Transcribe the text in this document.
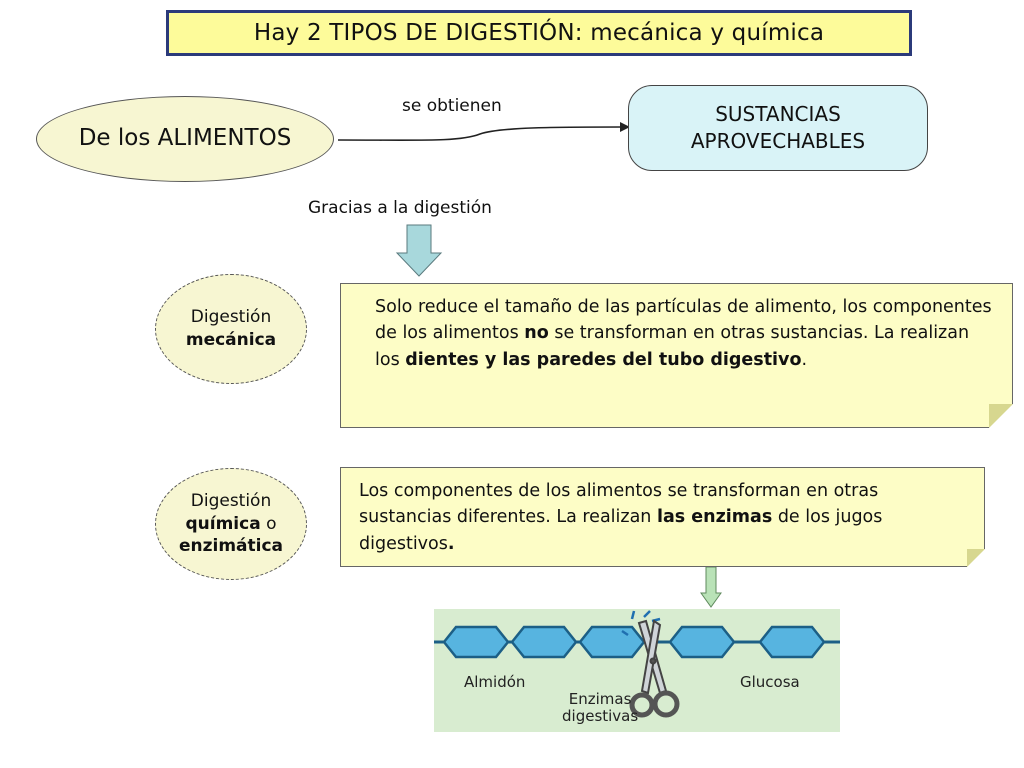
Hay 2 TIPOS DE DIGESTIÓN: mecánica y química
De los ALIMENTOS
se obtienen	SUSTANCIAS
APROVECHABLES
Gracias a la digestión
Digestión
mecánica
Solo reduce el tamaño de las partículas de alimento, los componentes de los alimentos no se transforman en otras sustancias. La realizan los dientes y las paredes del tubo digestivo.
Digestión
química o
enzimática
Los componentes de los alimentos se transforman en otras sustancias diferentes. La realizan las enzimas de los jugos digestivos.
Almidón	Glucosa
Enzimas
digestivas
